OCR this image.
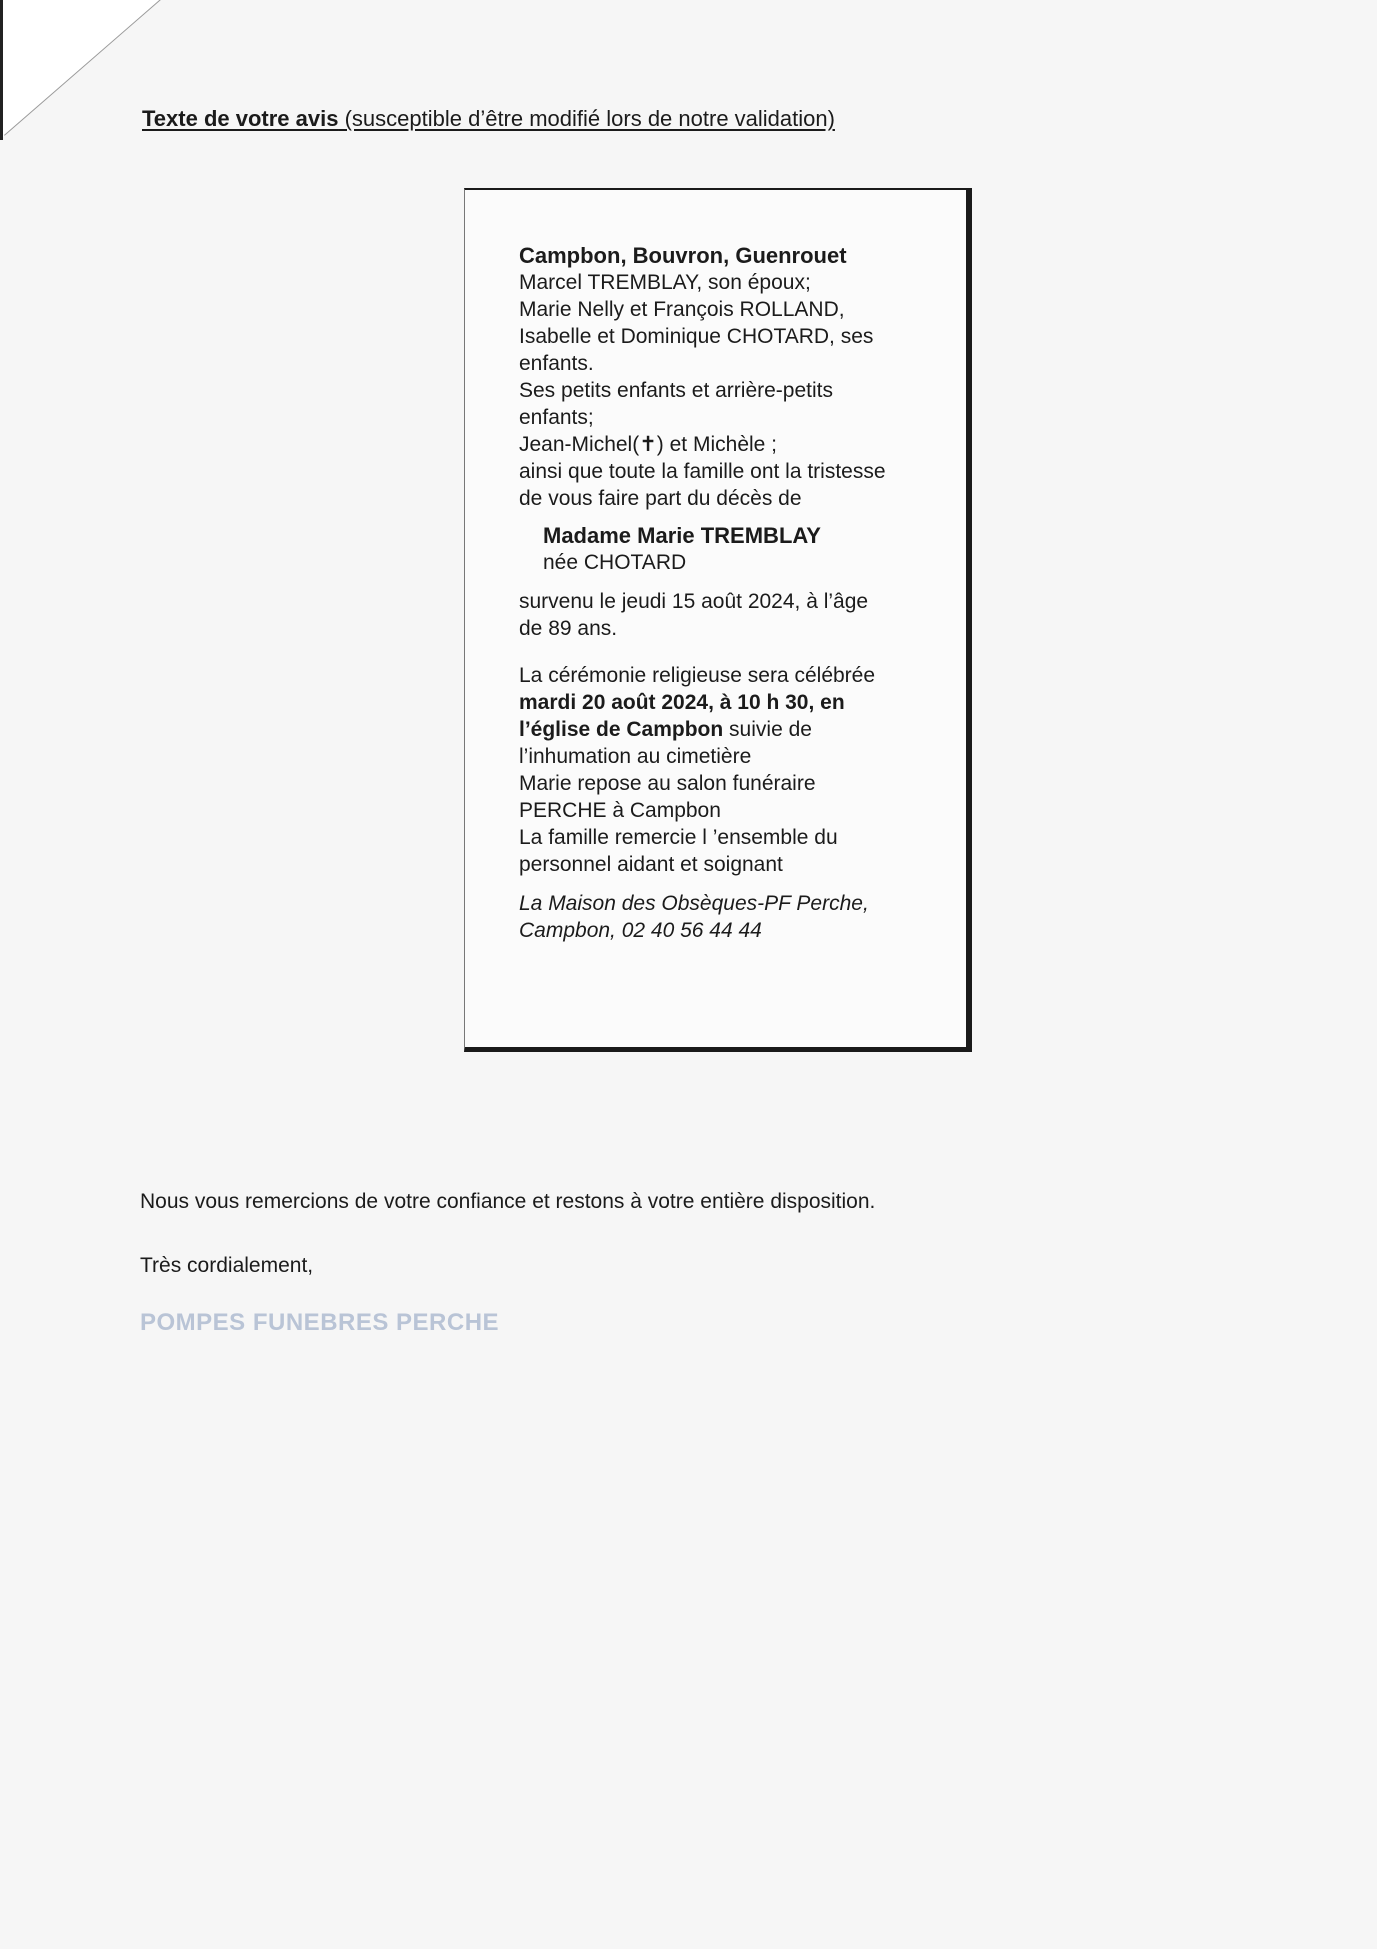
Texte de votre avis (susceptible d’être modifié lors de notre validation)

Campbon, Bouvron, Guenrouet

Marcel TREMBLAY, son époux;

Marie Nelly et François ROLLAND,

Isabelle et Dominique CHOTARD, ses

enfants.

Ses petits enfants et arrière-petits

enfants;

Jean-Michel(✝) et Michèle ;

ainsi que toute la famille ont la tristesse

de vous faire part du décès de

Madame Marie TREMBLAY

née CHOTARD

survenu le jeudi 15 août 2024, à l’âge

de 89 ans.

La cérémonie religieuse sera célébrée

mardi 20 août 2024, à 10 h 30, en

l’église de Campbon suivie de

l’inhumation au cimetière

Marie repose au salon funéraire

PERCHE à Campbon

La famille remercie l ’ensemble du

personnel aidant et soignant

La Maison des Obsèques-PF Perche,

Campbon, 02 40 56 44 44

Nous vous remercions de votre confiance et restons à votre entière disposition.

Très cordialement,

POMPES FUNEBRES PERCHE
